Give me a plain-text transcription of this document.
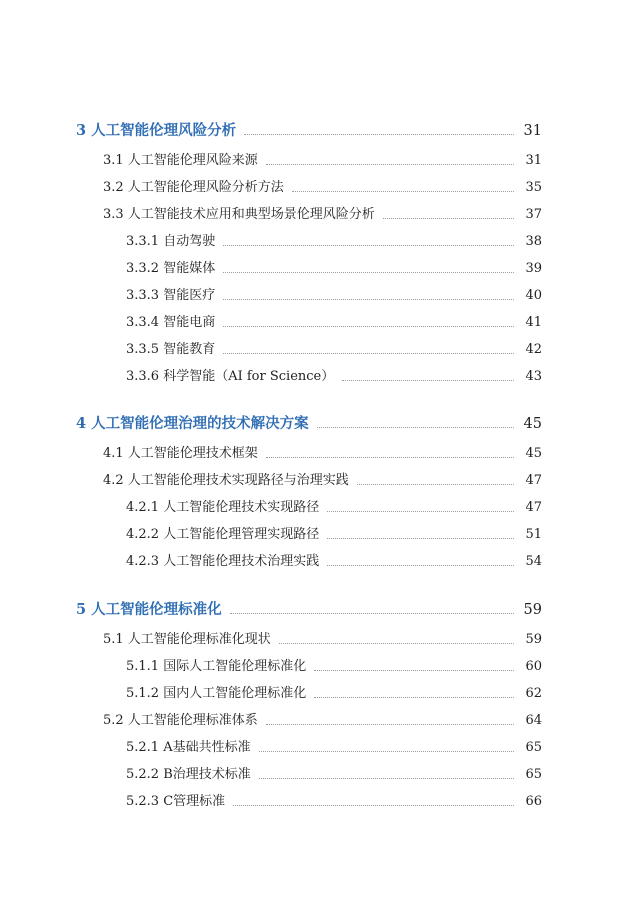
3 人工智能伦理风险分析	31
3.1 人工智能伦理风险来源	31
3.2 人工智能伦理风险分析方法	35
3.3 人工智能技术应用和典型场景伦理风险分析	37
3.3.1 自动驾驶	38
3.3.2 智能媒体	39
3.3.3 智能医疗	40
3.3.4 智能电商	41
3.3.5 智能教育	42
3.3.6 科学智能（AI for Science）	43
4 人工智能伦理治理的技术解决方案	45
4.1 人工智能伦理技术框架	45
4.2 人工智能伦理技术实现路径与治理实践	47
4.2.1 人工智能伦理技术实现路径	47
4.2.2 人工智能伦理管理实现路径	51
4.2.3 人工智能伦理技术治理实践	54
5 人工智能伦理标准化	59
5.1 人工智能伦理标准化现状	59
5.1.1 国际人工智能伦理标准化	60
5.1.2 国内人工智能伦理标准化	62
5.2 人工智能伦理标准体系	64
5.2.1 A基础共性标准	65
5.2.2 B治理技术标准	65
5.2.3 C管理标准	66
